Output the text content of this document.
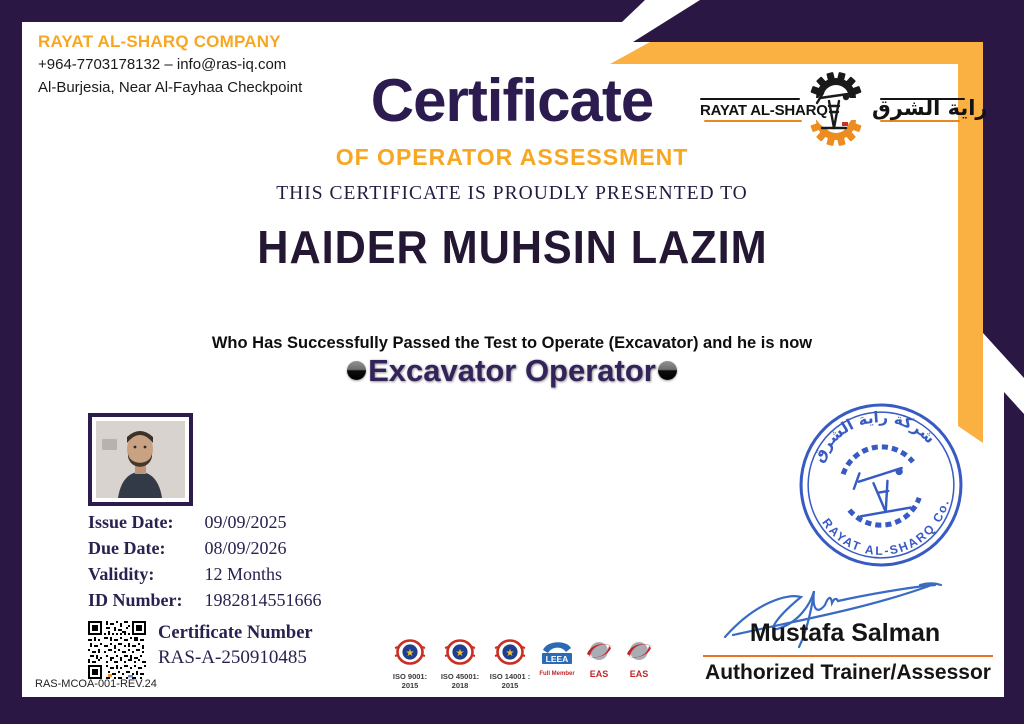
RAYAT AL-SHARQ COMPANY
+964-7703178132 – info@ras-iq.com
Al-Burjesia, Near Al-Fayhaa Checkpoint
RAYAT AL-SHARQ راية الشرق
Certificate
OF OPERATOR ASSESSMENT
THIS CERTIFICATE IS PROUDLY PRESENTED TO
HAIDER MUHSIN LAZIM
Who Has Successfully Passed the Test to Operate (Excavator) and he is now
Excavator Operator
Issue Date: 09/09/2025
Due Date: 08/09/2026
Validity:	12 Months
ID Number: 1982814551666
Certificate Number
RAS-A-250910485
RAS-MCOA-001-REV.24
★
ISO 9001:
2015
★
ISO 45001:
2018
★
ISO 14001 :
2015
LEEA
Full Member	EAS	EAS
شركة راية الشرق
RAYAT AL-SHARQ Co.
Mustafa Salman
Authorized Trainer/Assessor
